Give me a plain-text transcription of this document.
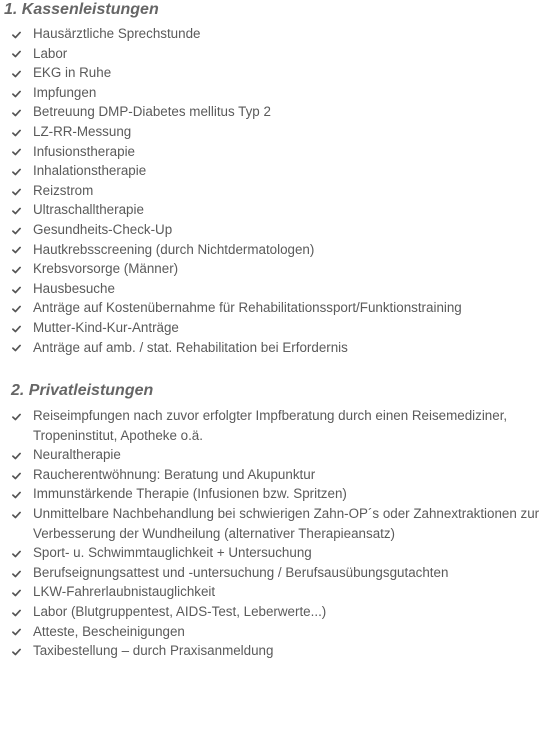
1. Kassenleistungen
Hausärztliche Sprechstunde
Labor
EKG in Ruhe
Impfungen
Betreuung DMP-Diabetes mellitus Typ 2
LZ-RR-Messung
Infusionstherapie
Inhalationstherapie
Reizstrom
Ultraschalltherapie
Gesundheits-Check-Up
Hautkrebsscreening (durch Nichtdermatologen)
Krebsvorsorge (Männer)
Hausbesuche
Anträge auf Kostenübernahme für Rehabilitationssport/Funktionstraining
Mutter-Kind-Kur-Anträge
Anträge auf amb. / stat. Rehabilitation bei Erfordernis
2. Privatleistungen
Reiseimpfungen nach zuvor erfolgter Impfberatung durch einen Reisemediziner, Tropeninstitut, Apotheke o.ä.
Neuraltherapie
Raucherentwöhnung: Beratung und Akupunktur
Immunstärkende Therapie (Infusionen bzw. Spritzen)
Unmittelbare Nachbehandlung bei schwierigen Zahn-OP´s oder Zahnextraktionen zur Verbesserung der Wundheilung (alternativer Therapieansatz)
Sport- u. Schwimmtauglichkeit + Untersuchung
Berufseignungsattest und -untersuchung / Berufsausübungsgutachten
LKW-Fahrerlaubnistauglichkeit
Labor (Blutgruppentest, AIDS-Test, Leberwerte...)
Atteste, Bescheinigungen
Taxibestellung – durch Praxisanmeldung
